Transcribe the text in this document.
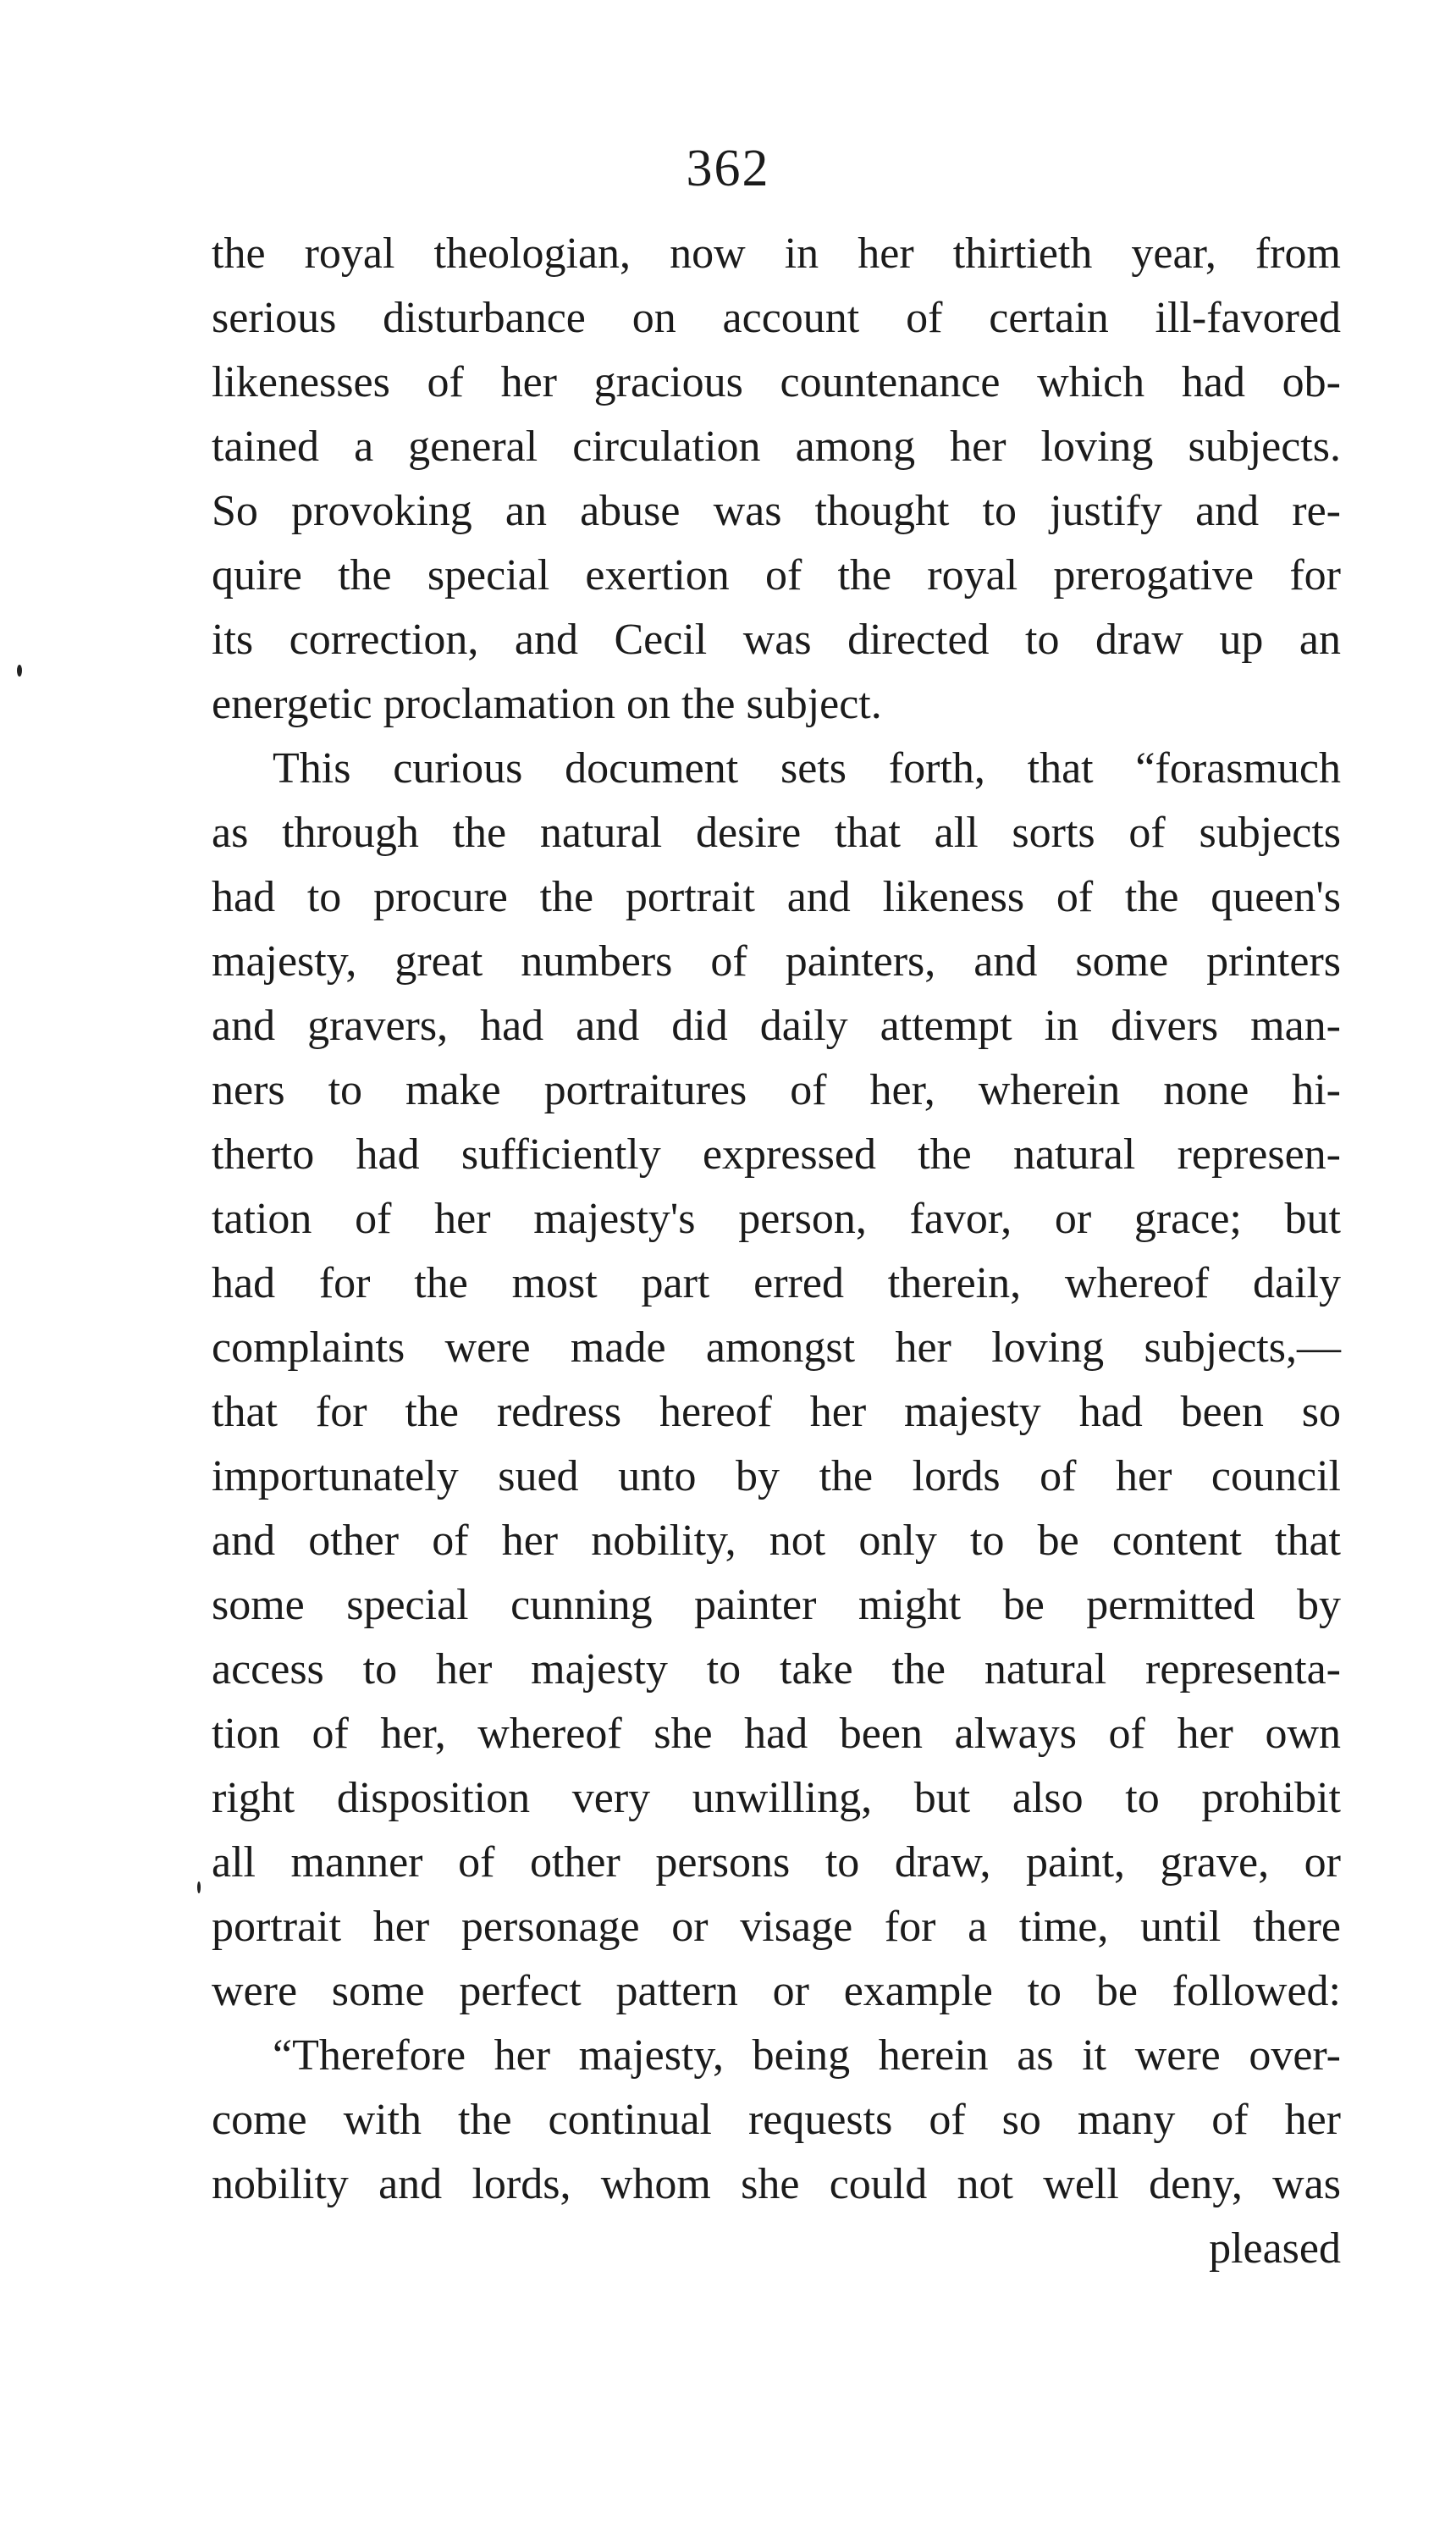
362
the royal theologian, now in her thirtieth year, from
serious disturbance on account of certain ill-favored
likenesses of her gracious countenance which had ob-
tained a general circulation among her loving subjects.
So provoking an abuse was thought to justify and re-
quire the special exertion of the royal prerogative for
its correction, and Cecil was directed to draw up an
energetic proclamation on the subject.
This curious document sets forth, that “forasmuch
as through the natural desire that all sorts of subjects
had to procure the portrait and likeness of the queen's
majesty, great numbers of painters, and some printers
and gravers, had and did daily attempt in divers man-
ners to make portraitures of her, wherein none hi-
therto had sufficiently expressed the natural represen-
tation of her majesty's person, favor, or grace; but
had for the most part erred therein, whereof daily
complaints were made amongst her loving subjects,—
that for the redress hereof her majesty had been so
importunately sued unto by the lords of her council
and other of her nobility, not only to be content that
some special cunning painter might be permitted by
access to her majesty to take the natural representa-
tion of her, whereof she had been always of her own
right disposition very unwilling, but also to prohibit
all manner of other persons to draw, paint, grave, or
portrait her personage or visage for a time, until there
were some perfect pattern or example to be followed:
“Therefore her majesty, being herein as it were over-
come with the continual requests of so many of her
nobility and lords, whom she could not well deny, was
pleased
